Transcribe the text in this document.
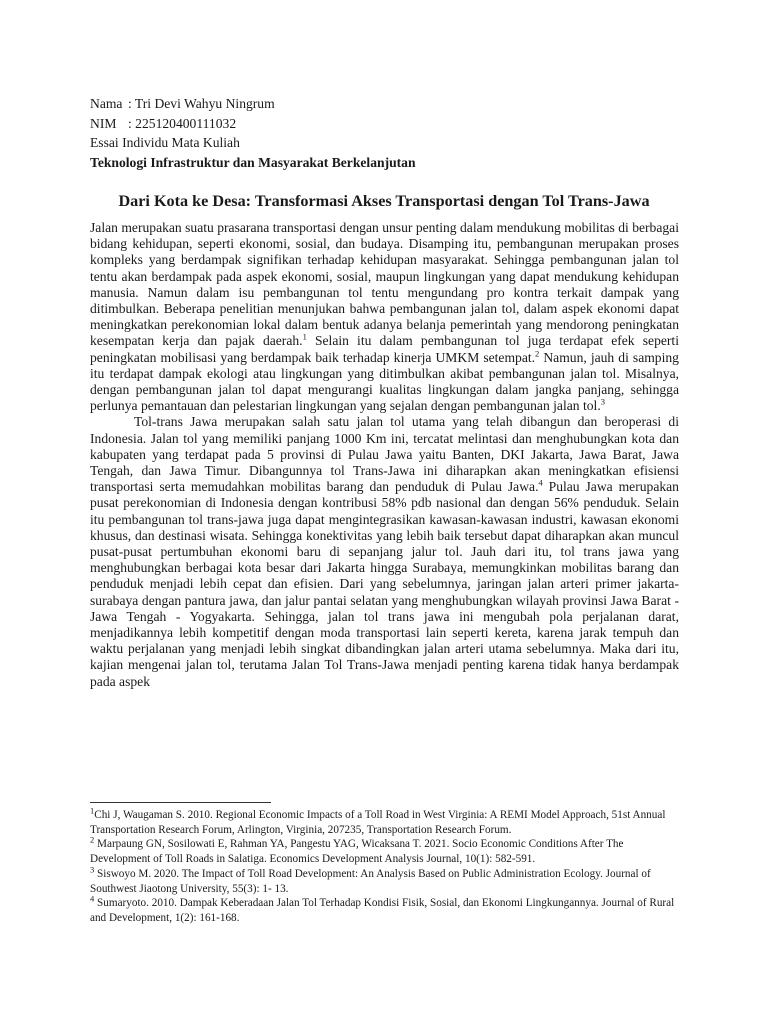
Nama : Tri Devi Wahyu Ningrum
NIM : 225120400111032
Essai Individu Mata Kuliah
Teknologi Infrastruktur dan Masyarakat Berkelanjutan
Dari Kota ke Desa: Transformasi Akses Transportasi dengan Tol Trans-Jawa

Jalan merupakan suatu prasarana transportasi dengan unsur penting dalam mendukung mobilitas di berbagai bidang kehidupan, seperti ekonomi, sosial, dan budaya. Disamping itu, pembangunan merupakan proses kompleks yang berdampak signifikan terhadap kehidupan masyarakat. Sehingga pembangunan jalan tol tentu akan berdampak pada aspek ekonomi, sosial, maupun lingkungan yang dapat mendukung kehidupan manusia. Namun dalam isu pembangunan tol tentu mengundang pro kontra terkait dampak yang ditimbulkan. Beberapa penelitian menunjukan bahwa pembangunan jalan tol, dalam aspek ekonomi dapat meningkatkan perekonomian lokal dalam bentuk adanya belanja pemerintah yang mendorong peningkatan kesempatan kerja dan pajak daerah.$^1$ Selain itu dalam pembangunan tol juga terdapat efek seperti peningkatan mobilisasi yang berdampak baik terhadap kinerja UMKM setempat.$^2$ Namun, jauh di samping itu terdapat dampak ekologi atau lingkungan yang ditimbulkan akibat pembangunan jalan tol. Misalnya, dengan pembangunan jalan tol dapat mengurangi kualitas lingkungan dalam jangka panjang, sehingga perlunya pemantauan dan pelestarian lingkungan yang sejalan dengan pembangunan jalan tol.$^3$

Tol-trans Jawa merupakan salah satu jalan tol utama yang telah dibangun dan beroperasi di Indonesia. Jalan tol yang memiliki panjang 1000 Km ini, tercatat melintasi dan menghubungkan kota dan kabupaten yang terdapat pada 5 provinsi di Pulau Jawa yaitu Banten, DKI Jakarta, Jawa Barat, Jawa Tengah, dan Jawa Timur. Dibangunnya tol Trans-Jawa ini diharapkan akan meningkatkan efisiensi transportasi serta memudahkan mobilitas barang dan penduduk di Pulau Jawa.$^4$ Pulau Jawa merupakan pusat perekonomian di Indonesia dengan kontribusi 58% pdb nasional dan dengan 56% penduduk. Selain itu pembangunan tol trans-jawa juga dapat mengintegrasikan kawasan-kawasan industri, kawasan ekonomi khusus, dan destinasi wisata. Sehingga konektivitas yang lebih baik tersebut dapat diharapkan akan muncul pusat-pusat pertumbuhan ekonomi baru di sepanjang jalur tol. Jauh dari itu, tol trans jawa yang menghubungkan berbagai kota besar dari Jakarta hingga Surabaya, memungkinkan mobilitas barang dan penduduk menjadi lebih cepat dan efisien. Dari yang sebelumnya, jaringan jalan arteri primer jakarta-surabaya dengan pantura jawa, dan jalur pantai selatan yang menghubungkan wilayah provinsi Jawa Barat - Jawa Tengah - Yogyakarta. Sehingga, jalan tol trans jawa ini mengubah pola perjalanan darat, menjadikannya lebih kompetitif dengan moda transportasi lain seperti kereta, karena jarak tempuh dan waktu perjalanan yang menjadi lebih singkat dibandingkan jalan arteri utama sebelumnya. Maka dari itu, kajian mengenai jalan tol, terutama Jalan Tol Trans-Jawa menjadi penting karena tidak hanya berdampak pada aspek

$^1$Chi J, Waugaman S. 2010. Regional Economic Impacts of a Toll Road in West Virginia: A REMI Model Approach, 51st Annual Transportation Research Forum, Arlington, Virginia, 207235, Transportation Research Forum.

$^2$ Marpaung GN, Sosilowati E, Rahman YA, Pangestu YAG, Wicaksana T. 2021. Socio Economic Conditions After The Development of Toll Roads in Salatiga. Economics Development Analysis Journal, 10(1): 582-591.

$^3$ Siswoyo M. 2020. The Impact of Toll Road Development: An Analysis Based on Public Administration Ecology. Journal of Southwest Jiaotong University, 55(3): 1- 13.

$^4$ Sumaryoto. 2010. Dampak Keberadaan Jalan Tol Terhadap Kondisi Fisik, Sosial, dan Ekonomi Lingkungannya. Journal of Rural and Development, 1(2): 161-168.
